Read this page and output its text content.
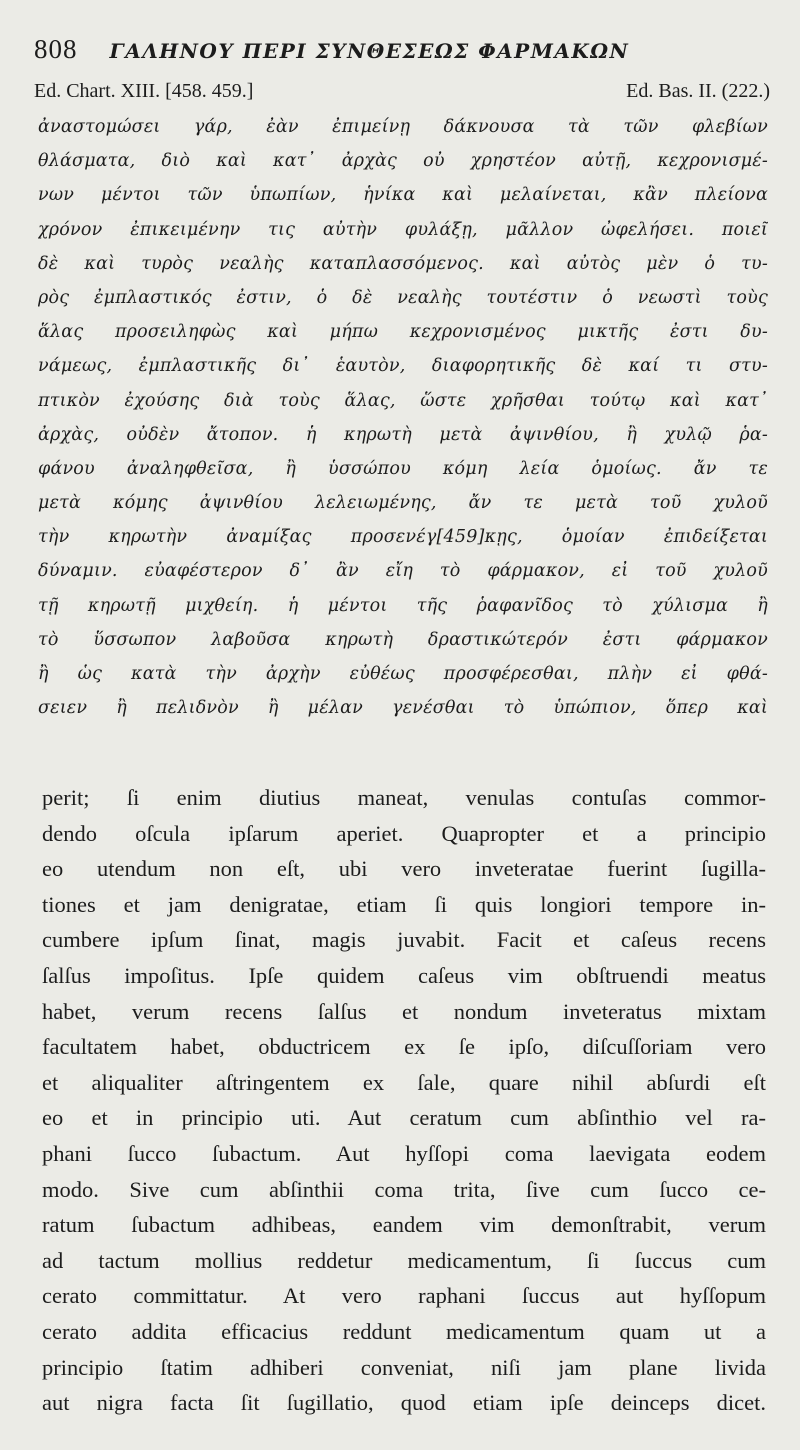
808 ΓΑΛΗΝΟΥ ΠΕΡΙ ΣΥΝΘΕΣΕΩΣ ΦΑΡΜΑΚΩΝ
Ed. Chart. XIII. [458. 459.]	Ed. Bas. II. (222.)
ἀναστομώσει γάρ, ἐὰν ἐπιμείνῃ δάκνουσα τὰ τῶν φλεβίων
θλάσματα, διὸ καὶ κατ᾽ ἀρχὰς οὐ χρηστέον αὐτῇ, κεχρονισμέ-
νων μέντοι τῶν ὑπωπίων, ἡνίκα καὶ μελαίνεται, κἂν πλείονα
χρόνον ἐπικειμένην τις αὐτὴν φυλάξῃ, μᾶλλον ὠφελήσει. ποιεῖ
δὲ καὶ τυρὸς νεαλὴς καταπλασσόμενος. καὶ αὐτὸς μὲν ὁ τυ-
ρὸς ἐμπλαστικός ἐστιν, ὁ δὲ νεαλὴς τουτέστιν ὁ νεωστὶ τοὺς
ἅλας προσειληφὼς καὶ μήπω κεχρονισμένος μικτῆς ἐστι δυ-
νάμεως, ἐμπλαστικῆς δι᾽ ἑαυτὸν, διαφορητικῆς δὲ καί τι στυ-
πτικὸν ἐχούσης διὰ τοὺς ἅλας, ὥστε χρῆσθαι τούτῳ καὶ κατ᾽
ἀρχὰς, οὐδὲν ἄτοπον. ἡ κηρωτὴ μετὰ ἀψινθίου, ἢ χυλῷ ῥα-
φάνου ἀναληφθεῖσα, ἢ ὑσσώπου κόμη λεία ὁμοίως. ἄν τε
μετὰ κόμης ἀψινθίου λελειωμένης, ἄν τε μετὰ τοῦ χυλοῦ
τὴν κηρωτὴν ἀναμίξας προσενέγ[459]κῃς, ὁμοίαν ἐπιδείξεται
δύναμιν. εὐαφέστερον δ᾽ ἂν εἴη τὸ φάρμακον, εἰ τοῦ χυλοῦ
τῇ κηρωτῇ μιχθείη. ἡ μέντοι τῆς ῥαφανῖδος τὸ χύλισμα ἢ
τὸ ὕσσωπον λαβοῦσα κηρωτὴ δραστικώτερόν ἐστι φάρμακον
ἢ ὡς κατὰ τὴν ἀρχὴν εὐθέως προσφέρεσθαι, πλὴν εἰ φθά-
σειεν ἢ πελιδνὸν ἢ μέλαν γενέσθαι τὸ ὑπώπιον, ὅπερ καὶ
perit; ſi enim diutius maneat, venulas contuſas commor-
dendo oſcula ipſarum aperiet. Quapropter et a principio
eo utendum non eſt, ubi vero inveteratae fuerint ſugilla-
tiones et jam denigratae, etiam ſi quis longiori tempore in-
cumbere ipſum ſinat, magis juvabit. Facit et caſeus recens
ſalſus impoſitus. Ipſe quidem caſeus vim obſtruendi meatus
habet, verum recens ſalſus et nondum inveteratus mixtam
facultatem habet, obductricem ex ſe ipſo, diſcuſſoriam vero
et aliqualiter aſtringentem ex ſale, quare nihil abſurdi eſt
eo et in principio uti. Aut ceratum cum abſinthio vel ra-
phani ſucco ſubactum. Aut hyſſopi coma laevigata eodem
modo. Sive cum abſinthii coma trita, ſive cum ſucco ce-
ratum ſubactum adhibeas, eandem vim demonſtrabit, verum
ad tactum mollius reddetur medicamentum, ſi ſuccus cum
cerato committatur. At vero raphani ſuccus aut hyſſopum
cerato addita efficacius reddunt medicamentum quam ut a
principio ſtatim adhiberi conveniat, niſi jam plane livida
aut nigra facta ſit ſugillatio, quod etiam ipſe deinceps dicet.
